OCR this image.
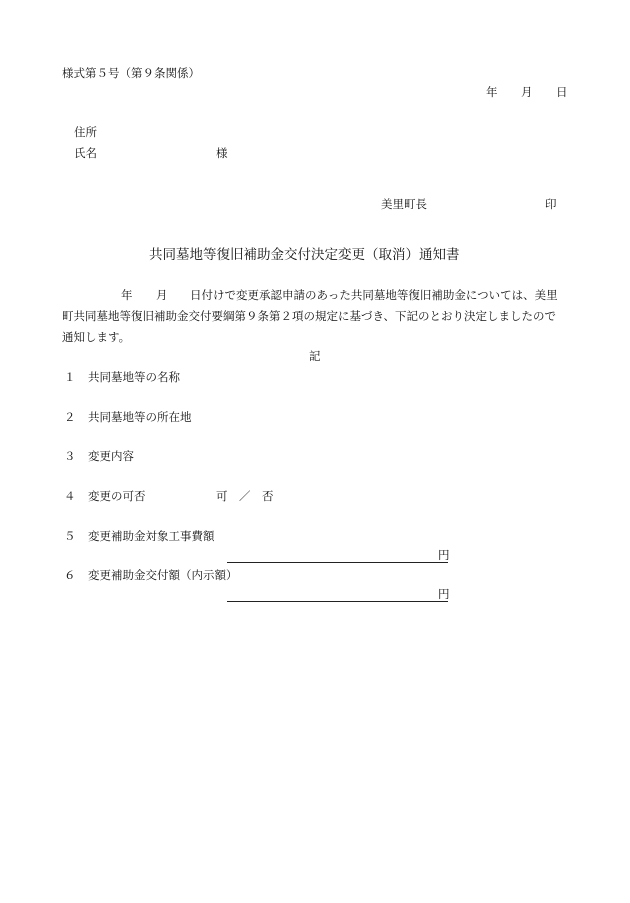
様式第５号（第９条関係）
年 月 日
住所
氏名	様
美里町長	印
共同墓地等復旧補助金交付決定変更（取消）通知書
年 月 日付けで変更承認申請のあった共同墓地等復旧補助金については、美里
町共同墓地等復旧補助金交付要綱第９条第２項の規定に基づき、下記のとおり決定しましたので
通知します。
記
１ 共同墓地等の名称
２ 共同墓地等の所在地
３ 変更内容
４ 変更の可否	可　／　否
５ 変更補助金対象工事費額
円
６ 変更補助金交付額（内示額）
円
